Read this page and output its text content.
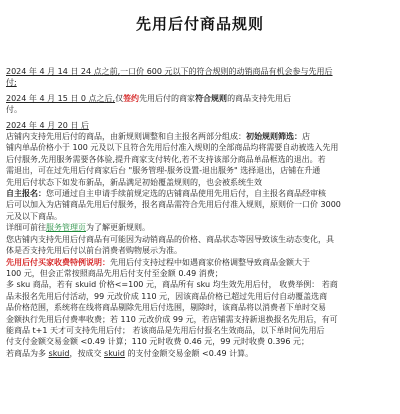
先用后付商品规则
2024 年 4 月 14 日 24 点之前,一口价 600 元以下的符合规则的动销商品有机会参与先用后
付;
2024 年 4 月 15 日 0 点之后,仅签约先用后付的商家符合规则的商品支持先用后
付。
2024 年 4 月 20 日 后
店铺内支持先用后付的商品，由新规则调整和自主报名两部分组成：初始规则筛选：店
铺内单品价格小于 100 元及以下且符合先用后付准入规则的全部商品均将需要自动被选入先用
后付服务,先用服务需要各体验,提升商家支付转化,若不支持该部分商品单品框选的退出。若
需退出，可在过先用后付商家后台 "服务管理-服务设置-退出服务" 选择退出，店铺在升通
先用后付状态下如发布新品，新品满足初始覆盖规则的，也会被系统生效
自主报名：您可通过自主申请手续前规定选的店铺商品使用先用后付，自主报名商品经审核
后可以加入为店铺商品先用后付服务，报名商品需符合先用后付准入规则，原则价一口价 3000
元及以下商品。
详细可前往服务管理页为了解更新规则。
您店铺内支持先用后付商品有可能因为动销商品的价格、商品状态等因导致该生动态变化，具
体是否支持先用后付以前台消费者购物展示为准。
先用后付买家收费特例说明：先用后付支持过程中如遇商家价格调整导致商品金额大于
100 元，但会正常按照商品先用后付支付至金额 0.49 消费；
多 sku 商品，若有 skuid 价格<=100 元，商品所有 sku 均生效先用后付， 收费举例： 若商
品未报名先用后付活动，99 元改价成 110 元，因该商品价格已超过先用后付自动覆盖选商
品价格范围，系统将在线将商品剔除先用后付选围，剔除时，该商品将以消费者下单时交易
金额执行先用后付费率收费；若 110 元改价成 99 元，若店铺需支持新退换报名先用后，有可
能商品 t+1 天才可支持先用后付； 若该商品是先用后付报名生效商品，以下单时间先用后
付支付金额交易金额 <0.49 计算；110 元时收费 0.46 元，99 元时收费 0.396 元；
若商品为多 skuid，按成交 skuid 的支付金额交易金额 <0.49 计算。
